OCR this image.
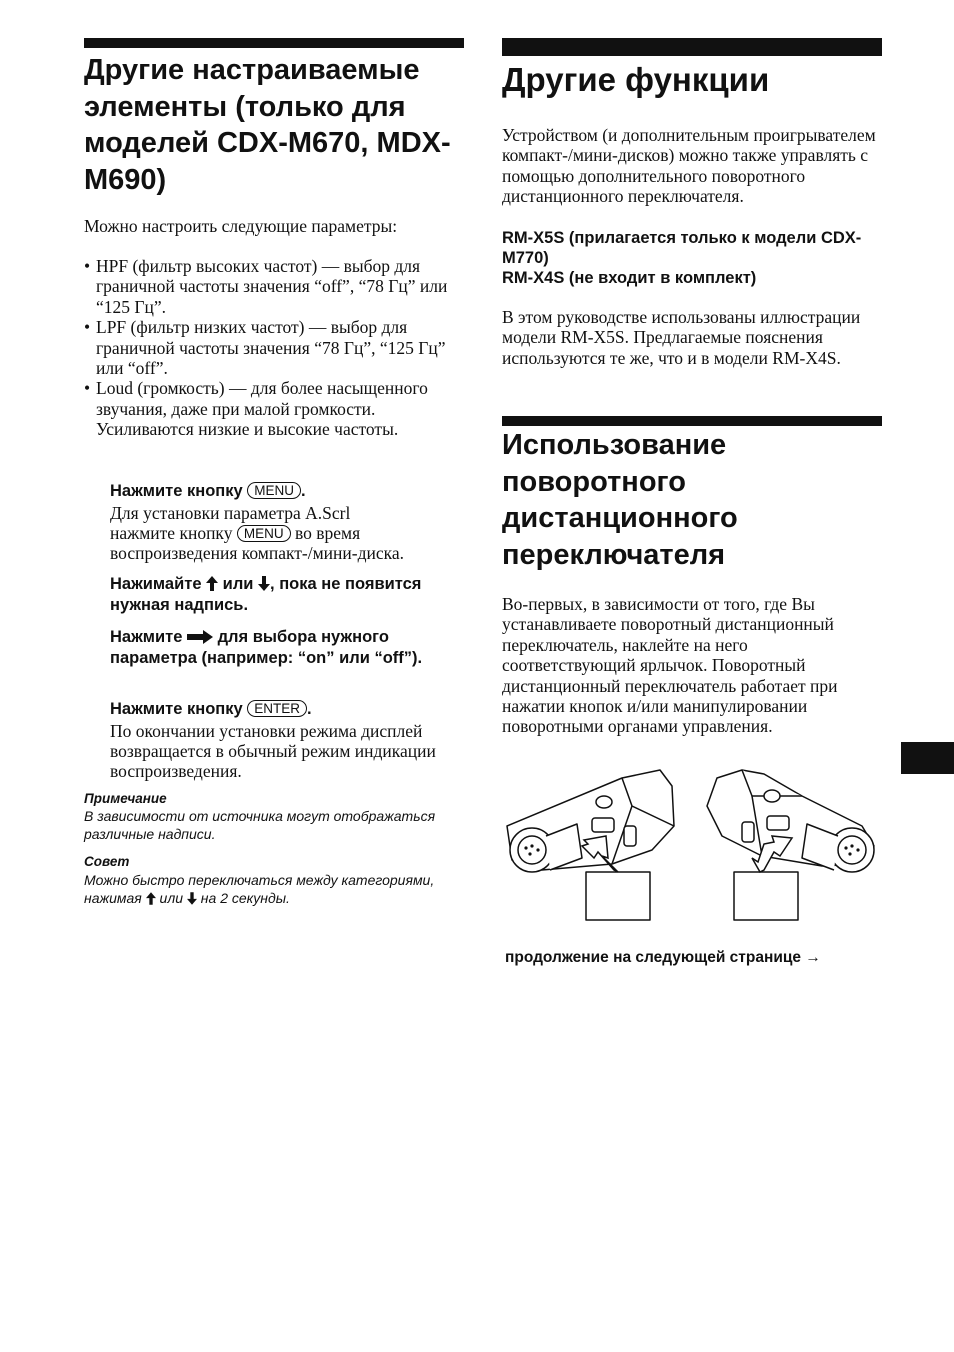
Другие настраиваемые элементы (только для моделей CDX-M670, MDX-M690)

Можно настроить следующие параметры:

• HPF (фильтр высоких частот) — выбор для граничной частоты значения “off”, “78 Гц” или “125 Гц”.
• LPF (фильтр низких частот) — выбор для граничной частоты значения “78 Гц”, “125 Гц” или “off”.
• Loud (громкость) — для более насыщенного звучания, даже при малой громкости. Усиливаются низкие и высокие частоты.
Нажмите кнопку MENU .
Для установки параметра A.Scrl
нажмите кнопку MENU во время
воспроизведения компакт-/мини-диска.
Нажимайте  или , пока не появится нужная надпись.
Нажмите  для выбора нужного параметра (например: “on” или “off”).
Нажмите кнопку ENTER .
По окончании установки режима дисплей возвращается в обычный режим индикации воспроизведения.
Примечание
В зависимости от источника могут отображаться различные надписи.
Совет
Можно быстро переключаться между категориями, нажимая  или  на 2 секунды.
Другие функции

Устройством (и дополнительным проигрывателем компакт-/мини-дисков) можно также управлять с помощью дополнительного поворотного дистанционного переключателя.

RM-X5S (прилагается только к модели CDX-M770)
RM-X4S (не входит в комплект)

В этом руководстве использованы иллюстрации модели RM-X5S. Предлагаемые пояснения используются те же, что и в модели RM-X4S.

Использование поворотного дистанционного переключателя

Во-первых, в зависимости от того, где Вы устанавливаете поворотный дистанционный переключатель, наклейте на него соответствующий ярлычок. Поворотный дистанционный переключатель работает при нажатии кнопок и/или манипулировании поворотными органами управления.

продолжение на следующей странице →
